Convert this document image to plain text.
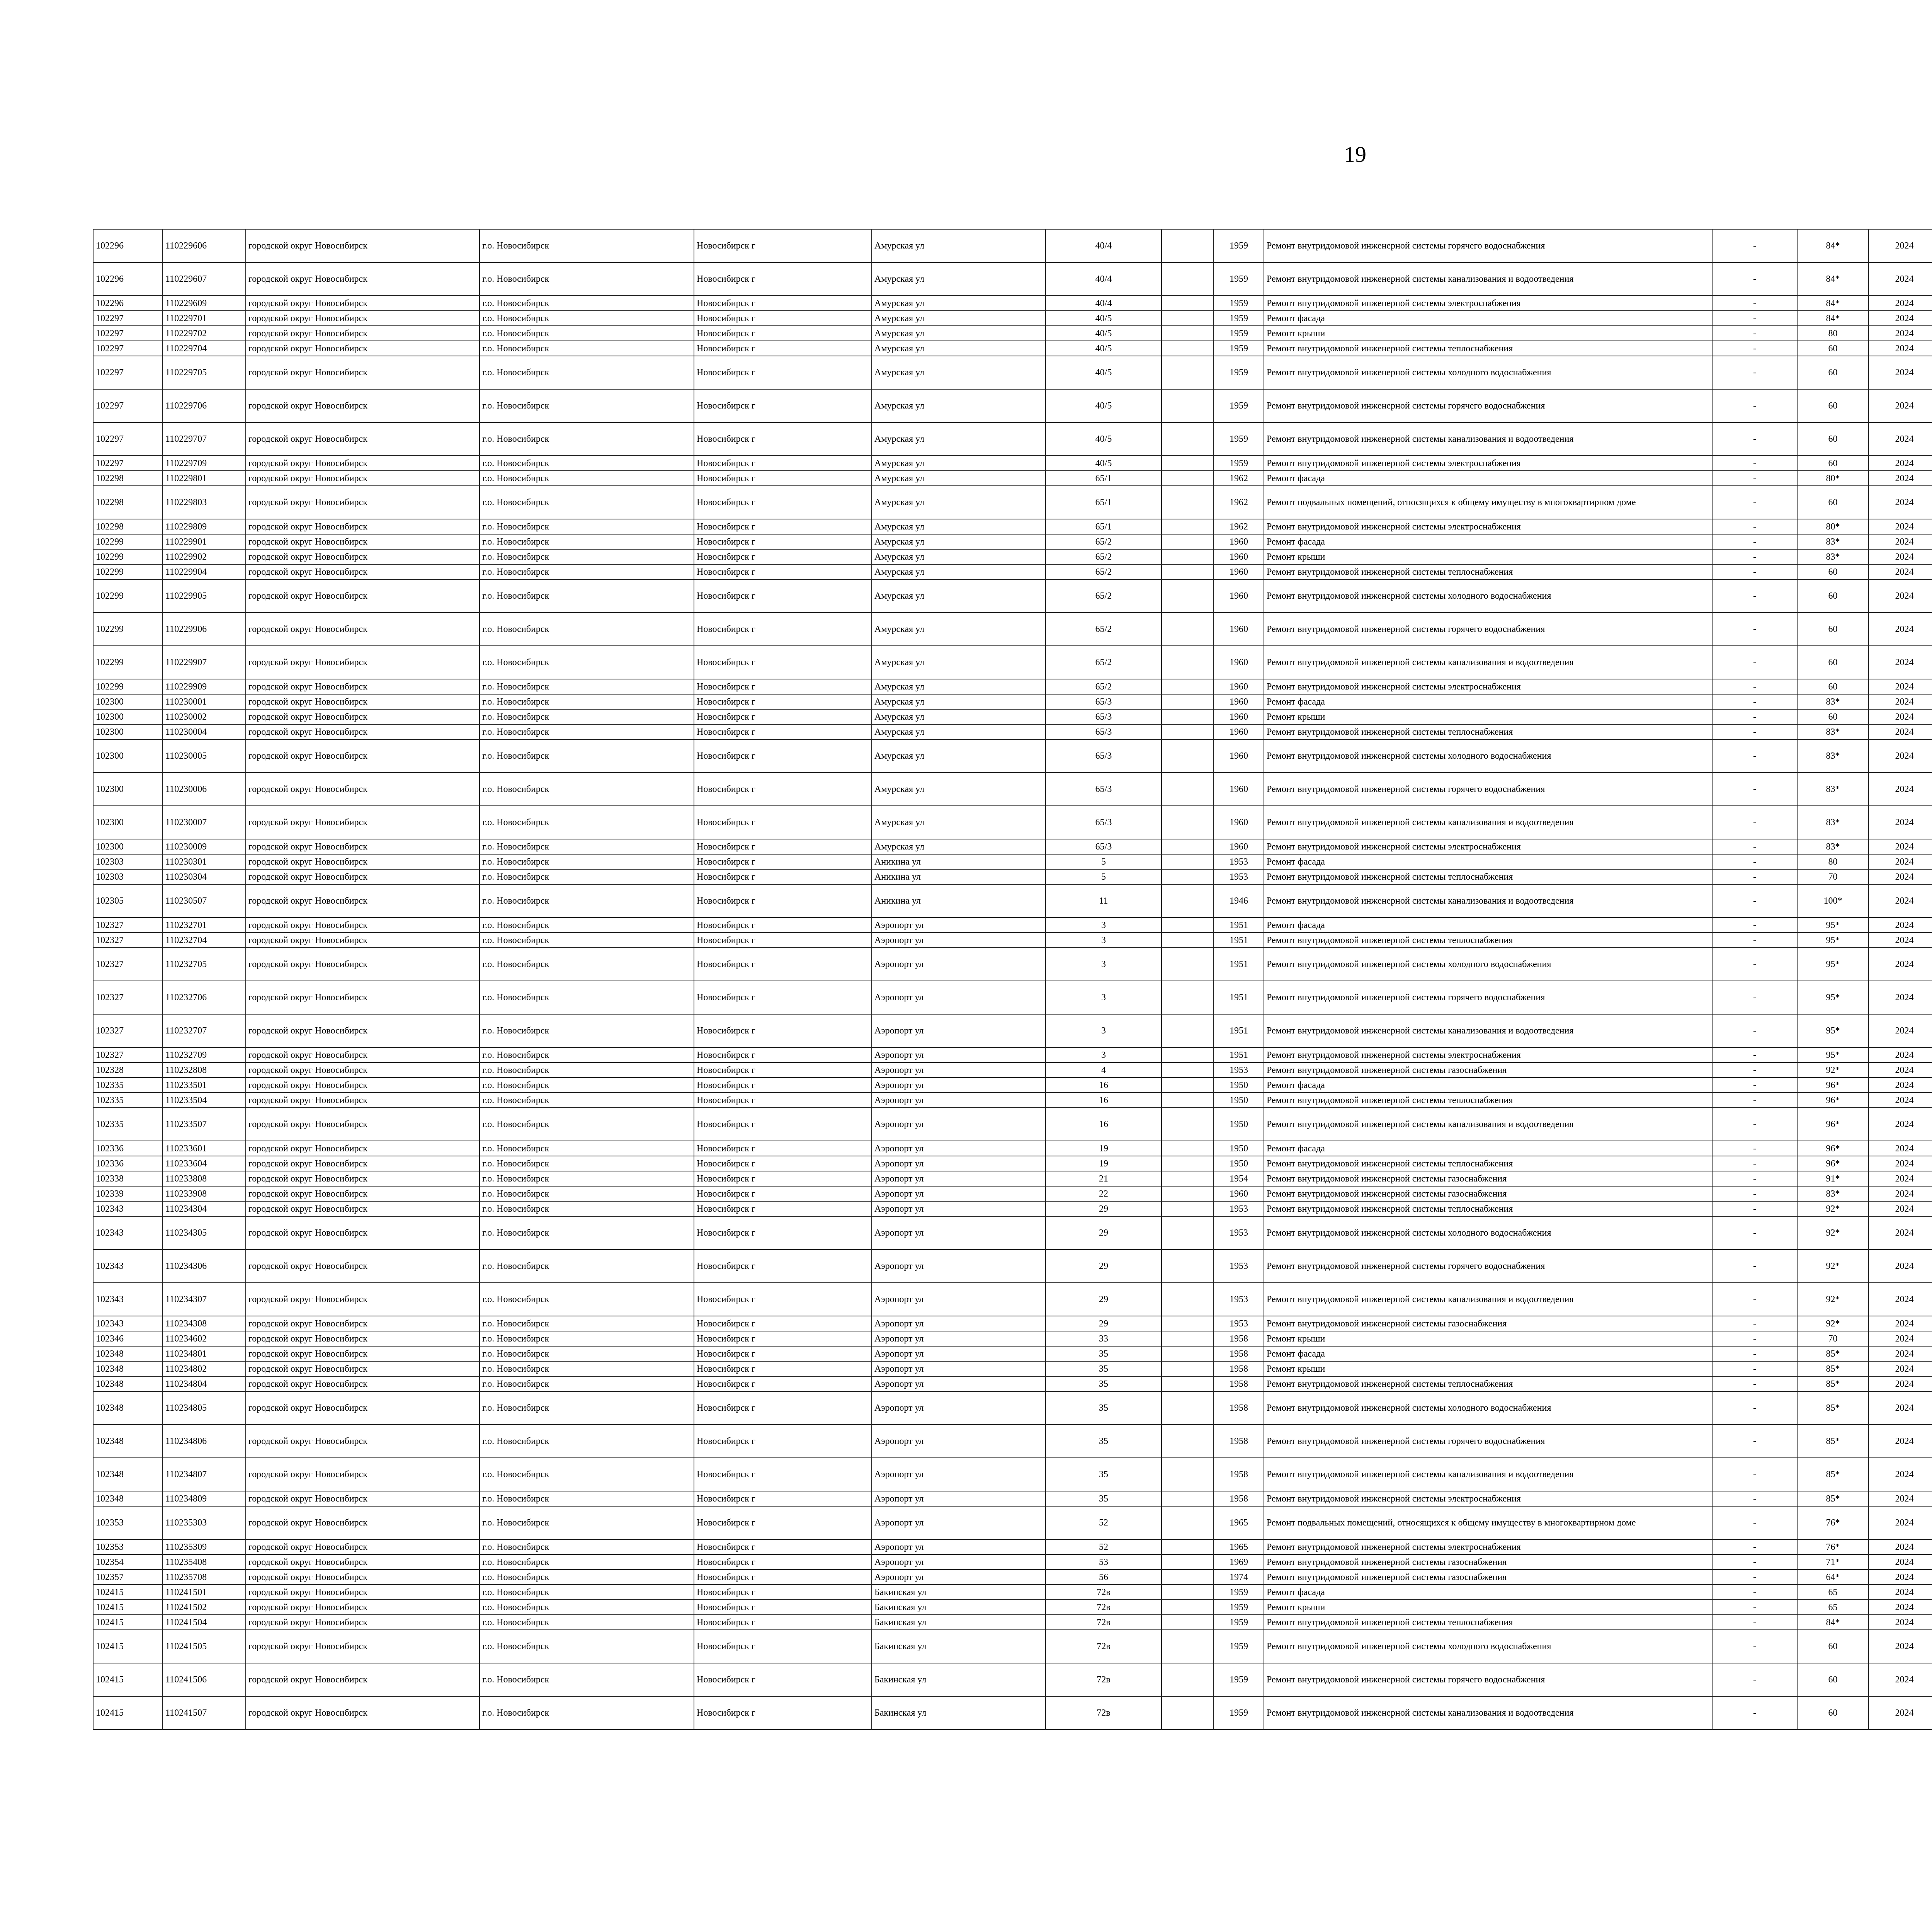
19
102296	110229606	городской округ Новосибирск	г.о. Новосибирск	Новосибирск г	Амурская ул	40/4		1959	Ремонт внутридомовой инженерной системы горячего водоснабжения	-	84*	2024						
102296	110229607	городской округ Новосибирск	г.о. Новосибирск	Новосибирск г	Амурская ул	40/4		1959	Ремонт внутридомовой инженерной системы канализования и водоотведения	-	84*	2024						
102296	110229609	городской округ Новосибирск	г.о. Новосибирск	Новосибирск г	Амурская ул	40/4		1959	Ремонт внутридомовой инженерной системы электроснабжения	-	84*	2024						
102297	110229701	городской округ Новосибирск	г.о. Новосибирск	Новосибирск г	Амурская ул	40/5		1959	Ремонт фасада	-	84*	2024						
102297	110229702	городской округ Новосибирск	г.о. Новосибирск	Новосибирск г	Амурская ул	40/5		1959	Ремонт крыши	-	80	2024						
102297	110229704	городской округ Новосибирск	г.о. Новосибирск	Новосибирск г	Амурская ул	40/5		1959	Ремонт внутридомовой инженерной системы теплоснабжения	-	60	2024						
102297	110229705	городской округ Новосибирск	г.о. Новосибирск	Новосибирск г	Амурская ул	40/5		1959	Ремонт внутридомовой инженерной системы холодного водоснабжения	-	60	2024						
102297	110229706	городской округ Новосибирск	г.о. Новосибирск	Новосибирск г	Амурская ул	40/5		1959	Ремонт внутридомовой инженерной системы горячего водоснабжения	-	60	2024						
102297	110229707	городской округ Новосибирск	г.о. Новосибирск	Новосибирск г	Амурская ул	40/5		1959	Ремонт внутридомовой инженерной системы канализования и водоотведения	-	60	2024						
102297	110229709	городской округ Новосибирск	г.о. Новосибирск	Новосибирск г	Амурская ул	40/5		1959	Ремонт внутридомовой инженерной системы электроснабжения	-	60	2024						
102298	110229801	городской округ Новосибирск	г.о. Новосибирск	Новосибирск г	Амурская ул	65/1		1962	Ремонт фасада	-	80*	2024						
102298	110229803	городской округ Новосибирск	г.о. Новосибирск	Новосибирск г	Амурская ул	65/1		1962	Ремонт подвальных помещений, относящихся к общему имуществу в многоквартирном доме	-	60	2024						
102298	110229809	городской округ Новосибирск	г.о. Новосибирск	Новосибирск г	Амурская ул	65/1		1962	Ремонт внутридомовой инженерной системы электроснабжения	-	80*	2024						
102299	110229901	городской округ Новосибирск	г.о. Новосибирск	Новосибирск г	Амурская ул	65/2		1960	Ремонт фасада	-	83*	2024						
102299	110229902	городской округ Новосибирск	г.о. Новосибирск	Новосибирск г	Амурская ул	65/2		1960	Ремонт крыши	-	83*	2024						
102299	110229904	городской округ Новосибирск	г.о. Новосибирск	Новосибирск г	Амурская ул	65/2		1960	Ремонт внутридомовой инженерной системы теплоснабжения	-	60	2024						
102299	110229905	городской округ Новосибирск	г.о. Новосибирск	Новосибирск г	Амурская ул	65/2		1960	Ремонт внутридомовой инженерной системы холодного водоснабжения	-	60	2024						
102299	110229906	городской округ Новосибирск	г.о. Новосибирск	Новосибирск г	Амурская ул	65/2		1960	Ремонт внутридомовой инженерной системы горячего водоснабжения	-	60	2024						
102299	110229907	городской округ Новосибирск	г.о. Новосибирск	Новосибирск г	Амурская ул	65/2		1960	Ремонт внутридомовой инженерной системы канализования и водоотведения	-	60	2024						
102299	110229909	городской округ Новосибирск	г.о. Новосибирск	Новосибирск г	Амурская ул	65/2		1960	Ремонт внутридомовой инженерной системы электроснабжения	-	60	2024						
102300	110230001	городской округ Новосибирск	г.о. Новосибирск	Новосибирск г	Амурская ул	65/3		1960	Ремонт фасада	-	83*	2024						
102300	110230002	городской округ Новосибирск	г.о. Новосибирск	Новосибирск г	Амурская ул	65/3		1960	Ремонт крыши	-	60	2024						
102300	110230004	городской округ Новосибирск	г.о. Новосибирск	Новосибирск г	Амурская ул	65/3		1960	Ремонт внутридомовой инженерной системы теплоснабжения	-	83*	2024						
102300	110230005	городской округ Новосибирск	г.о. Новосибирск	Новосибирск г	Амурская ул	65/3		1960	Ремонт внутридомовой инженерной системы холодного водоснабжения	-	83*	2024						
102300	110230006	городской округ Новосибирск	г.о. Новосибирск	Новосибирск г	Амурская ул	65/3		1960	Ремонт внутридомовой инженерной системы горячего водоснабжения	-	83*	2024						
102300	110230007	городской округ Новосибирск	г.о. Новосибирск	Новосибирск г	Амурская ул	65/3		1960	Ремонт внутридомовой инженерной системы канализования и водоотведения	-	83*	2024						
102300	110230009	городской округ Новосибирск	г.о. Новосибирск	Новосибирск г	Амурская ул	65/3		1960	Ремонт внутридомовой инженерной системы электроснабжения	-	83*	2024						
102303	110230301	городской округ Новосибирск	г.о. Новосибирск	Новосибирск г	Аникина ул	5		1953	Ремонт фасада	-	80	2024						
102303	110230304	городской округ Новосибирск	г.о. Новосибирск	Новосибирск г	Аникина ул	5		1953	Ремонт внутридомовой инженерной системы теплоснабжения	-	70	2024						
102305	110230507	городской округ Новосибирск	г.о. Новосибирск	Новосибирск г	Аникина ул	11		1946	Ремонт внутридомовой инженерной системы канализования и водоотведения	-	100*	2024						
102327	110232701	городской округ Новосибирск	г.о. Новосибирск	Новосибирск г	Аэропорт ул	3		1951	Ремонт фасада	-	95*	2024						
102327	110232704	городской округ Новосибирск	г.о. Новосибирск	Новосибирск г	Аэропорт ул	3		1951	Ремонт внутридомовой инженерной системы теплоснабжения	-	95*	2024						
102327	110232705	городской округ Новосибирск	г.о. Новосибирск	Новосибирск г	Аэропорт ул	3		1951	Ремонт внутридомовой инженерной системы холодного водоснабжения	-	95*	2024						
102327	110232706	городской округ Новосибирск	г.о. Новосибирск	Новосибирск г	Аэропорт ул	3		1951	Ремонт внутридомовой инженерной системы горячего водоснабжения	-	95*	2024						
102327	110232707	городской округ Новосибирск	г.о. Новосибирск	Новосибирск г	Аэропорт ул	3		1951	Ремонт внутридомовой инженерной системы канализования и водоотведения	-	95*	2024						
102327	110232709	городской округ Новосибирск	г.о. Новосибирск	Новосибирск г	Аэропорт ул	3		1951	Ремонт внутридомовой инженерной системы электроснабжения	-	95*	2024						
102328	110232808	городской округ Новосибирск	г.о. Новосибирск	Новосибирск г	Аэропорт ул	4		1953	Ремонт внутридомовой инженерной системы газоснабжения	-	92*	2024						
102335	110233501	городской округ Новосибирск	г.о. Новосибирск	Новосибирск г	Аэропорт ул	16		1950	Ремонт фасада	-	96*	2024						
102335	110233504	городской округ Новосибирск	г.о. Новосибирск	Новосибирск г	Аэропорт ул	16		1950	Ремонт внутридомовой инженерной системы теплоснабжения	-	96*	2024						
102335	110233507	городской округ Новосибирск	г.о. Новосибирск	Новосибирск г	Аэропорт ул	16		1950	Ремонт внутридомовой инженерной системы канализования и водоотведения	-	96*	2024						
102336	110233601	городской округ Новосибирск	г.о. Новосибирск	Новосибирск г	Аэропорт ул	19		1950	Ремонт фасада	-	96*	2024						
102336	110233604	городской округ Новосибирск	г.о. Новосибирск	Новосибирск г	Аэропорт ул	19		1950	Ремонт внутридомовой инженерной системы теплоснабжения	-	96*	2024						
102338	110233808	городской округ Новосибирск	г.о. Новосибирск	Новосибирск г	Аэропорт ул	21		1954	Ремонт внутридомовой инженерной системы газоснабжения	-	91*	2024						
102339	110233908	городской округ Новосибирск	г.о. Новосибирск	Новосибирск г	Аэропорт ул	22		1960	Ремонт внутридомовой инженерной системы газоснабжения	-	83*	2024						
102343	110234304	городской округ Новосибирск	г.о. Новосибирск	Новосибирск г	Аэропорт ул	29		1953	Ремонт внутридомовой инженерной системы теплоснабжения	-	92*	2024						
102343	110234305	городской округ Новосибирск	г.о. Новосибирск	Новосибирск г	Аэропорт ул	29		1953	Ремонт внутридомовой инженерной системы холодного водоснабжения	-	92*	2024						
102343	110234306	городской округ Новосибирск	г.о. Новосибирск	Новосибирск г	Аэропорт ул	29		1953	Ремонт внутридомовой инженерной системы горячего водоснабжения	-	92*	2024						
102343	110234307	городской округ Новосибирск	г.о. Новосибирск	Новосибирск г	Аэропорт ул	29		1953	Ремонт внутридомовой инженерной системы канализования и водоотведения	-	92*	2024						
102343	110234308	городской округ Новосибирск	г.о. Новосибирск	Новосибирск г	Аэропорт ул	29		1953	Ремонт внутридомовой инженерной системы газоснабжения	-	92*	2024						
102346	110234602	городской округ Новосибирск	г.о. Новосибирск	Новосибирск г	Аэропорт ул	33		1958	Ремонт крыши	-	70	2024						
102348	110234801	городской округ Новосибирск	г.о. Новосибирск	Новосибирск г	Аэропорт ул	35		1958	Ремонт фасада	-	85*	2024						
102348	110234802	городской округ Новосибирск	г.о. Новосибирск	Новосибирск г	Аэропорт ул	35		1958	Ремонт крыши	-	85*	2024						
102348	110234804	городской округ Новосибирск	г.о. Новосибирск	Новосибирск г	Аэропорт ул	35		1958	Ремонт внутридомовой инженерной системы теплоснабжения	-	85*	2024						
102348	110234805	городской округ Новосибирск	г.о. Новосибирск	Новосибирск г	Аэропорт ул	35		1958	Ремонт внутридомовой инженерной системы холодного водоснабжения	-	85*	2024						
102348	110234806	городской округ Новосибирск	г.о. Новосибирск	Новосибирск г	Аэропорт ул	35		1958	Ремонт внутридомовой инженерной системы горячего водоснабжения	-	85*	2024						
102348	110234807	городской округ Новосибирск	г.о. Новосибирск	Новосибирск г	Аэропорт ул	35		1958	Ремонт внутридомовой инженерной системы канализования и водоотведения	-	85*	2024						
102348	110234809	городской округ Новосибирск	г.о. Новосибирск	Новосибирск г	Аэропорт ул	35		1958	Ремонт внутридомовой инженерной системы электроснабжения	-	85*	2024						
102353	110235303	городской округ Новосибирск	г.о. Новосибирск	Новосибирск г	Аэропорт ул	52		1965	Ремонт подвальных помещений, относящихся к общему имуществу в многоквартирном доме	-	76*	2024						
102353	110235309	городской округ Новосибирск	г.о. Новосибирск	Новосибирск г	Аэропорт ул	52		1965	Ремонт внутридомовой инженерной системы электроснабжения	-	76*	2024						
102354	110235408	городской округ Новосибирск	г.о. Новосибирск	Новосибирск г	Аэропорт ул	53		1969	Ремонт внутридомовой инженерной системы газоснабжения	-	71*	2024						
102357	110235708	городской округ Новосибирск	г.о. Новосибирск	Новосибирск г	Аэропорт ул	56		1974	Ремонт внутридомовой инженерной системы газоснабжения	-	64*	2024						
102415	110241501	городской округ Новосибирск	г.о. Новосибирск	Новосибирск г	Бакинская ул	72в		1959	Ремонт фасада	-	65	2024						
102415	110241502	городской округ Новосибирск	г.о. Новосибирск	Новосибирск г	Бакинская ул	72в		1959	Ремонт крыши	-	65	2024						
102415	110241504	городской округ Новосибирск	г.о. Новосибирск	Новосибирск г	Бакинская ул	72в		1959	Ремонт внутридомовой инженерной системы теплоснабжения	-	84*	2024						
102415	110241505	городской округ Новосибирск	г.о. Новосибирск	Новосибирск г	Бакинская ул	72в		1959	Ремонт внутридомовой инженерной системы холодного водоснабжения	-	60	2024						
102415	110241506	городской округ Новосибирск	г.о. Новосибирск	Новосибирск г	Бакинская ул	72в		1959	Ремонт внутридомовой инженерной системы горячего водоснабжения	-	60	2024						
102415	110241507	городской округ Новосибирск	г.о. Новосибирск	Новосибирск г	Бакинская ул	72в		1959	Ремонт внутридомовой инженерной системы канализования и водоотведения	-	60	2024						
